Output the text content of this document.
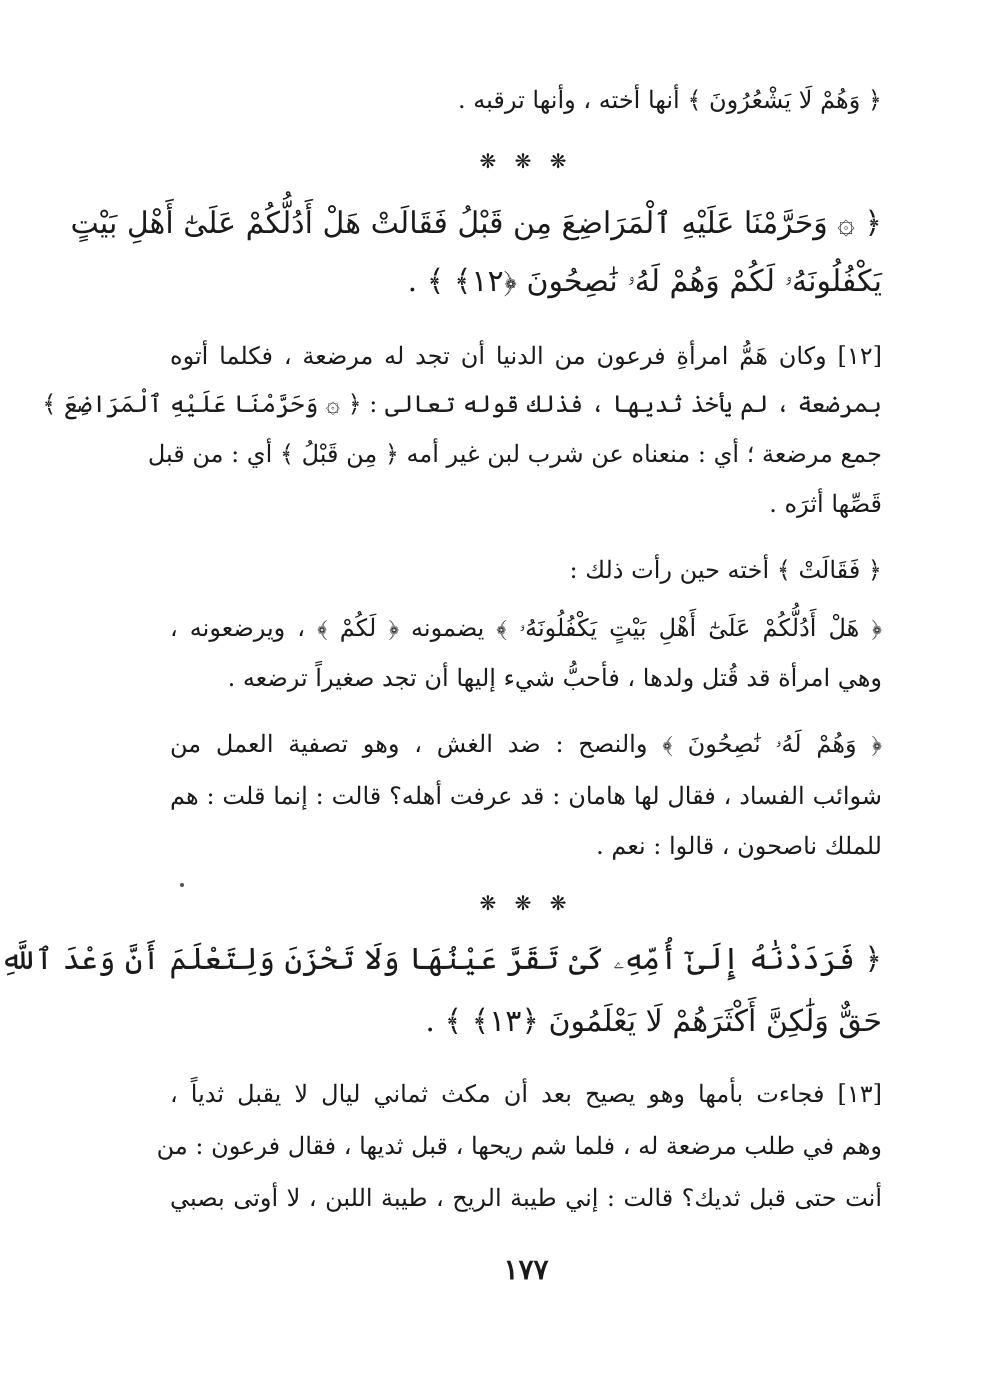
﴿ وَهُمْ لَا يَشْعُرُونَ ﴾ أنها أخته ، وأنها ترقبه .
❋ ❋ ❋
﴿ ۞ وَحَرَّمْنَا عَلَيْهِ ٱلْمَرَاضِعَ مِن قَبْلُ فَقَالَتْ هَلْ أَدُلُّكُمْ عَلَىٰٓ أَهْلِ بَيْتٍ
يَكْفُلُونَهُۥ لَكُمْ وَهُمْ لَهُۥ نَٰصِحُونَ ﴿١٢﴾ ﴾ .
[١٢] وكان هَمُّ امرأةِ فرعون من الدنيا أن تجد له مرضعة ، فكلما أتوه
بمرضعة ، لم يأخذ ثديها ، فذلك قوله تعالى : ﴿ ۞ وَحَرَّمْنَا عَلَيْهِ ٱلْمَرَاضِعَ ﴾
جمع مرضعة ؛ أي : منعناه عن شرب لبن غير أمه ﴿ مِن قَبْلُ ﴾ أي : من قبل
قَصِّها أثرَه .
﴿ فَقَالَتْ ﴾ أخته حين رأت ذلك :
﴿ هَلْ أَدُلُّكُمْ عَلَىٰٓ أَهْلِ بَيْتٍ يَكْفُلُونَهُۥ ﴾ يضمونه ﴿ لَكُمْ ﴾ ، ويرضعونه ،
وهي امرأة قد قُتل ولدها ، فأحبُّ شيء إليها أن تجد صغيراً ترضعه .
﴿ وَهُمْ لَهُۥ نَٰصِحُونَ ﴾ والنصح : ضد الغش ، وهو تصفية العمل من
شوائب الفساد ، فقال لها هامان : قد عرفت أهله؟ قالت : إنما قلت : هم
للملك ناصحون ، قالوا : نعم .
❋ ❋ ❋
﴿ فَرَدَدْنَٰهُ إِلَىٰٓ أُمِّهِۦ كَىْ تَقَرَّ عَيْنُهَا وَلَا تَحْزَنَ وَلِتَعْلَمَ أَنَّ وَعْدَ ٱللَّهِ
حَقٌّ وَلَٰكِنَّ أَكْثَرَهُمْ لَا يَعْلَمُونَ ﴿١٣﴾ ﴾ .
[١٣] فجاءت بأمها وهو يصيح بعد أن مكث ثماني ليال لا يقبل ثدياً ،
وهم في طلب مرضعة له ، فلما شم ريحها ، قبل ثديها ، فقال فرعون : من
أنت حتى قبل ثديك؟ قالت : إني طيبة الريح ، طيبة اللبن ، لا أوتى بصبي
١٧٧
